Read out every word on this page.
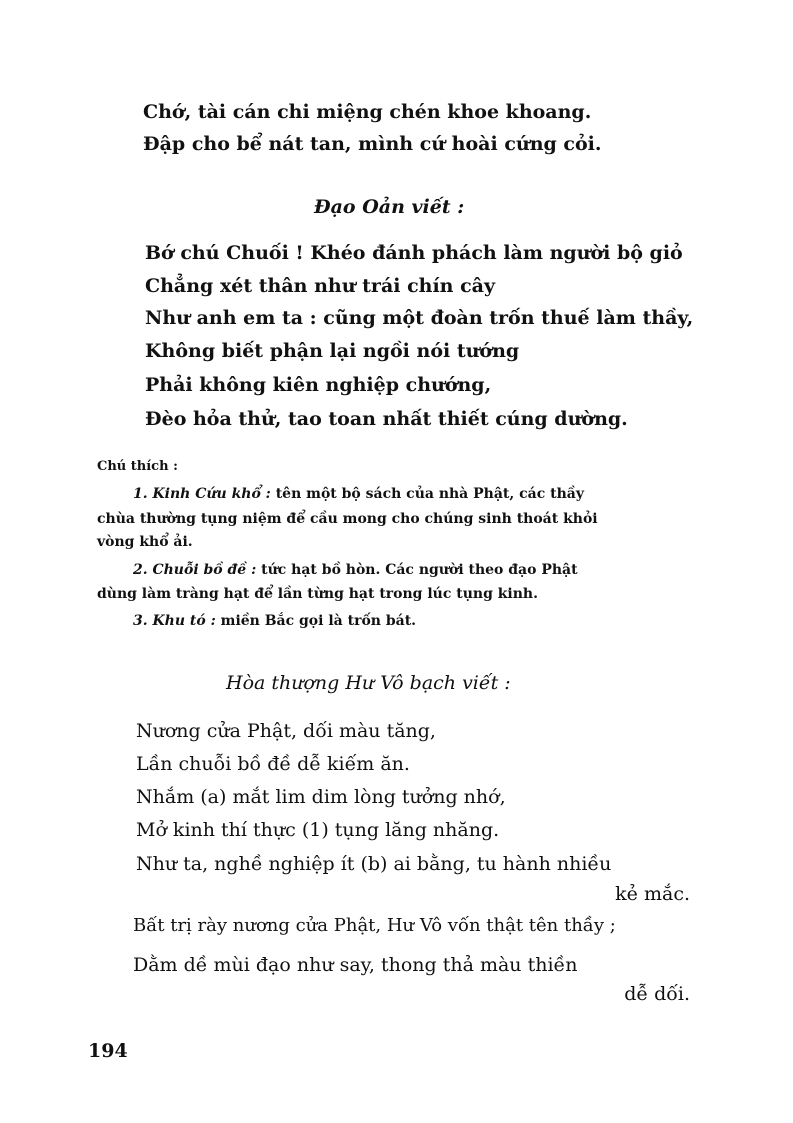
Chớ, tài cán chi miệng chén khoe khoang.
Đập cho bể nát tan, mình cứ hoài cứng cỏi.
Đạo Oản viết :
Bớ chú Chuối ! Khéo đánh phách làm người bộ giỏ
Chẳng xét thân như trái chín cây
Như anh em ta : cũng một đoàn trốn thuế làm thầy,
Không biết phận lại ngồi nói tướng
Phải không kiên nghiệp chướng,
Đèo hỏa thử, tao toan nhất thiết cúng dường.
Chú thích :
1. Kinh Cứu khổ : tên một bộ sách của nhà Phật, các thầy
chùa thường tụng niệm để cầu mong cho chúng sinh thoát khỏi
vòng khổ ải.
2. Chuỗi bồ đề : tức hạt bồ hòn. Các người theo đạo Phật
dùng làm tràng hạt để lần từng hạt trong lúc tụng kinh.
3. Khu tó : miền Bắc gọi là trốn bát.
Hòa thượng Hư Vô bạch viết :
Nương cửa Phật, dối màu tăng,
Lần chuỗi bồ đề dễ kiếm ăn.
Nhắm (a) mắt lim dim lòng tưởng nhớ,
Mở kinh thí thực (1) tụng lăng nhăng.
Như ta, nghề nghiệp ít (b) ai bằng, tu hành nhiều
kẻ mắc.
Bất trị rày nương cửa Phật, Hư Vô vốn thật tên thầy ;
Dằm dề mùi đạo như say, thong thả màu thiền
dễ dối.
194
